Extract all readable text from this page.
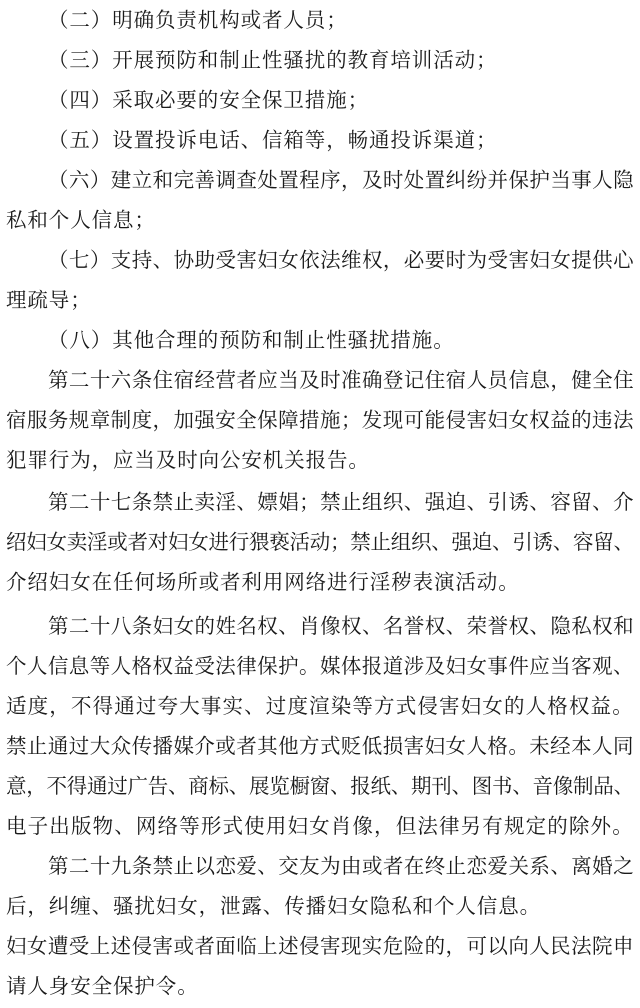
（二）明确负责机构或者人员；
（三）开展预防和制止性骚扰的教育培训活动；
（四）采取必要的安全保卫措施；
（五）设置投诉电话、信箱等，畅通投诉渠道；
（六）建立和完善调查处置程序，及时处置纠纷并保护当事人隐
私和个人信息；
（七）支持、协助受害妇女依法维权，必要时为受害妇女提供心
理疏导；
（八）其他合理的预防和制止性骚扰措施。
第二十六条住宿经营者应当及时准确登记住宿人员信息，健全住
宿服务规章制度，加强安全保障措施；发现可能侵害妇女权益的违法
犯罪行为，应当及时向公安机关报告。
第二十七条禁止卖淫、嫖娼；禁止组织、强迫、引诱、容留、介
绍妇女卖淫或者对妇女进行猥亵活动；禁止组织、强迫、引诱、容留、
介绍妇女在任何场所或者利用网络进行淫秽表演活动。
第二十八条妇女的姓名权、肖像权、名誉权、荣誉权、隐私权和
个人信息等人格权益受法律保护。媒体报道涉及妇女事件应当客观、
适度，不得通过夸大事实、过度渲染等方式侵害妇女的人格权益。
禁止通过大众传播媒介或者其他方式贬低损害妇女人格。未经本人同
意，不得通过广告、商标、展览橱窗、报纸、期刊、图书、音像制品、
电子出版物、网络等形式使用妇女肖像，但法律另有规定的除外。
第二十九条禁止以恋爱、交友为由或者在终止恋爱关系、离婚之
后，纠缠、骚扰妇女，泄露、传播妇女隐私和个人信息。
妇女遭受上述侵害或者面临上述侵害现实危险的，可以向人民法院申
请人身安全保护令。
